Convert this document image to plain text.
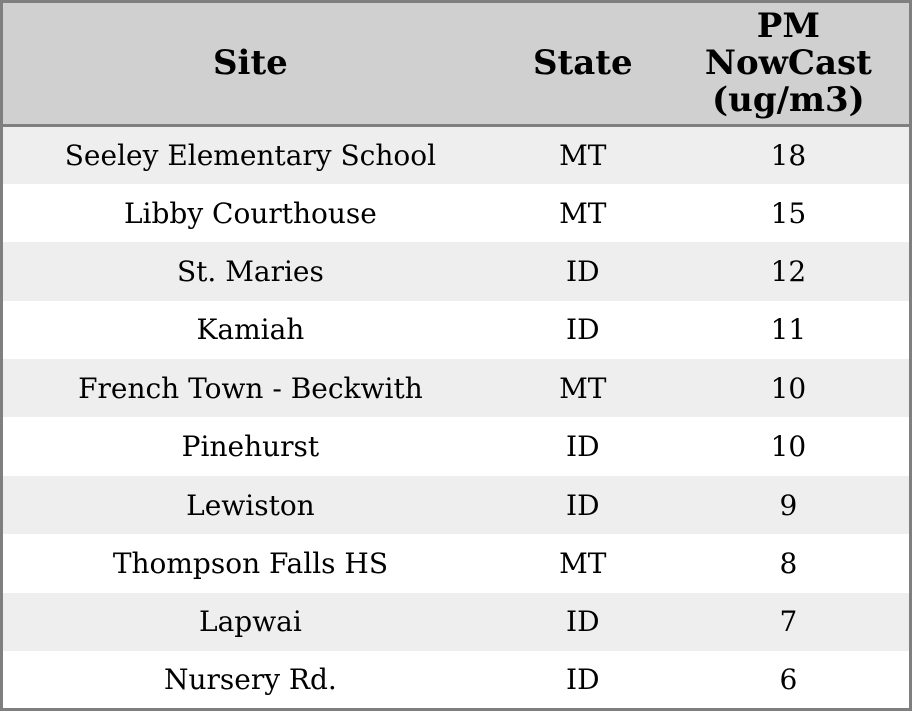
Site	State	PM
NowCast
(ug/m3)
Seeley Elementary School	MT	18
Libby Courthouse	MT	15
St. Maries	ID	12
Kamiah	ID	11
French Town - Beckwith	MT	10
Pinehurst	ID	10
Lewiston	ID	9
Thompson Falls HS	MT	8
Lapwai	ID	7
Nursery Rd.	ID	6
